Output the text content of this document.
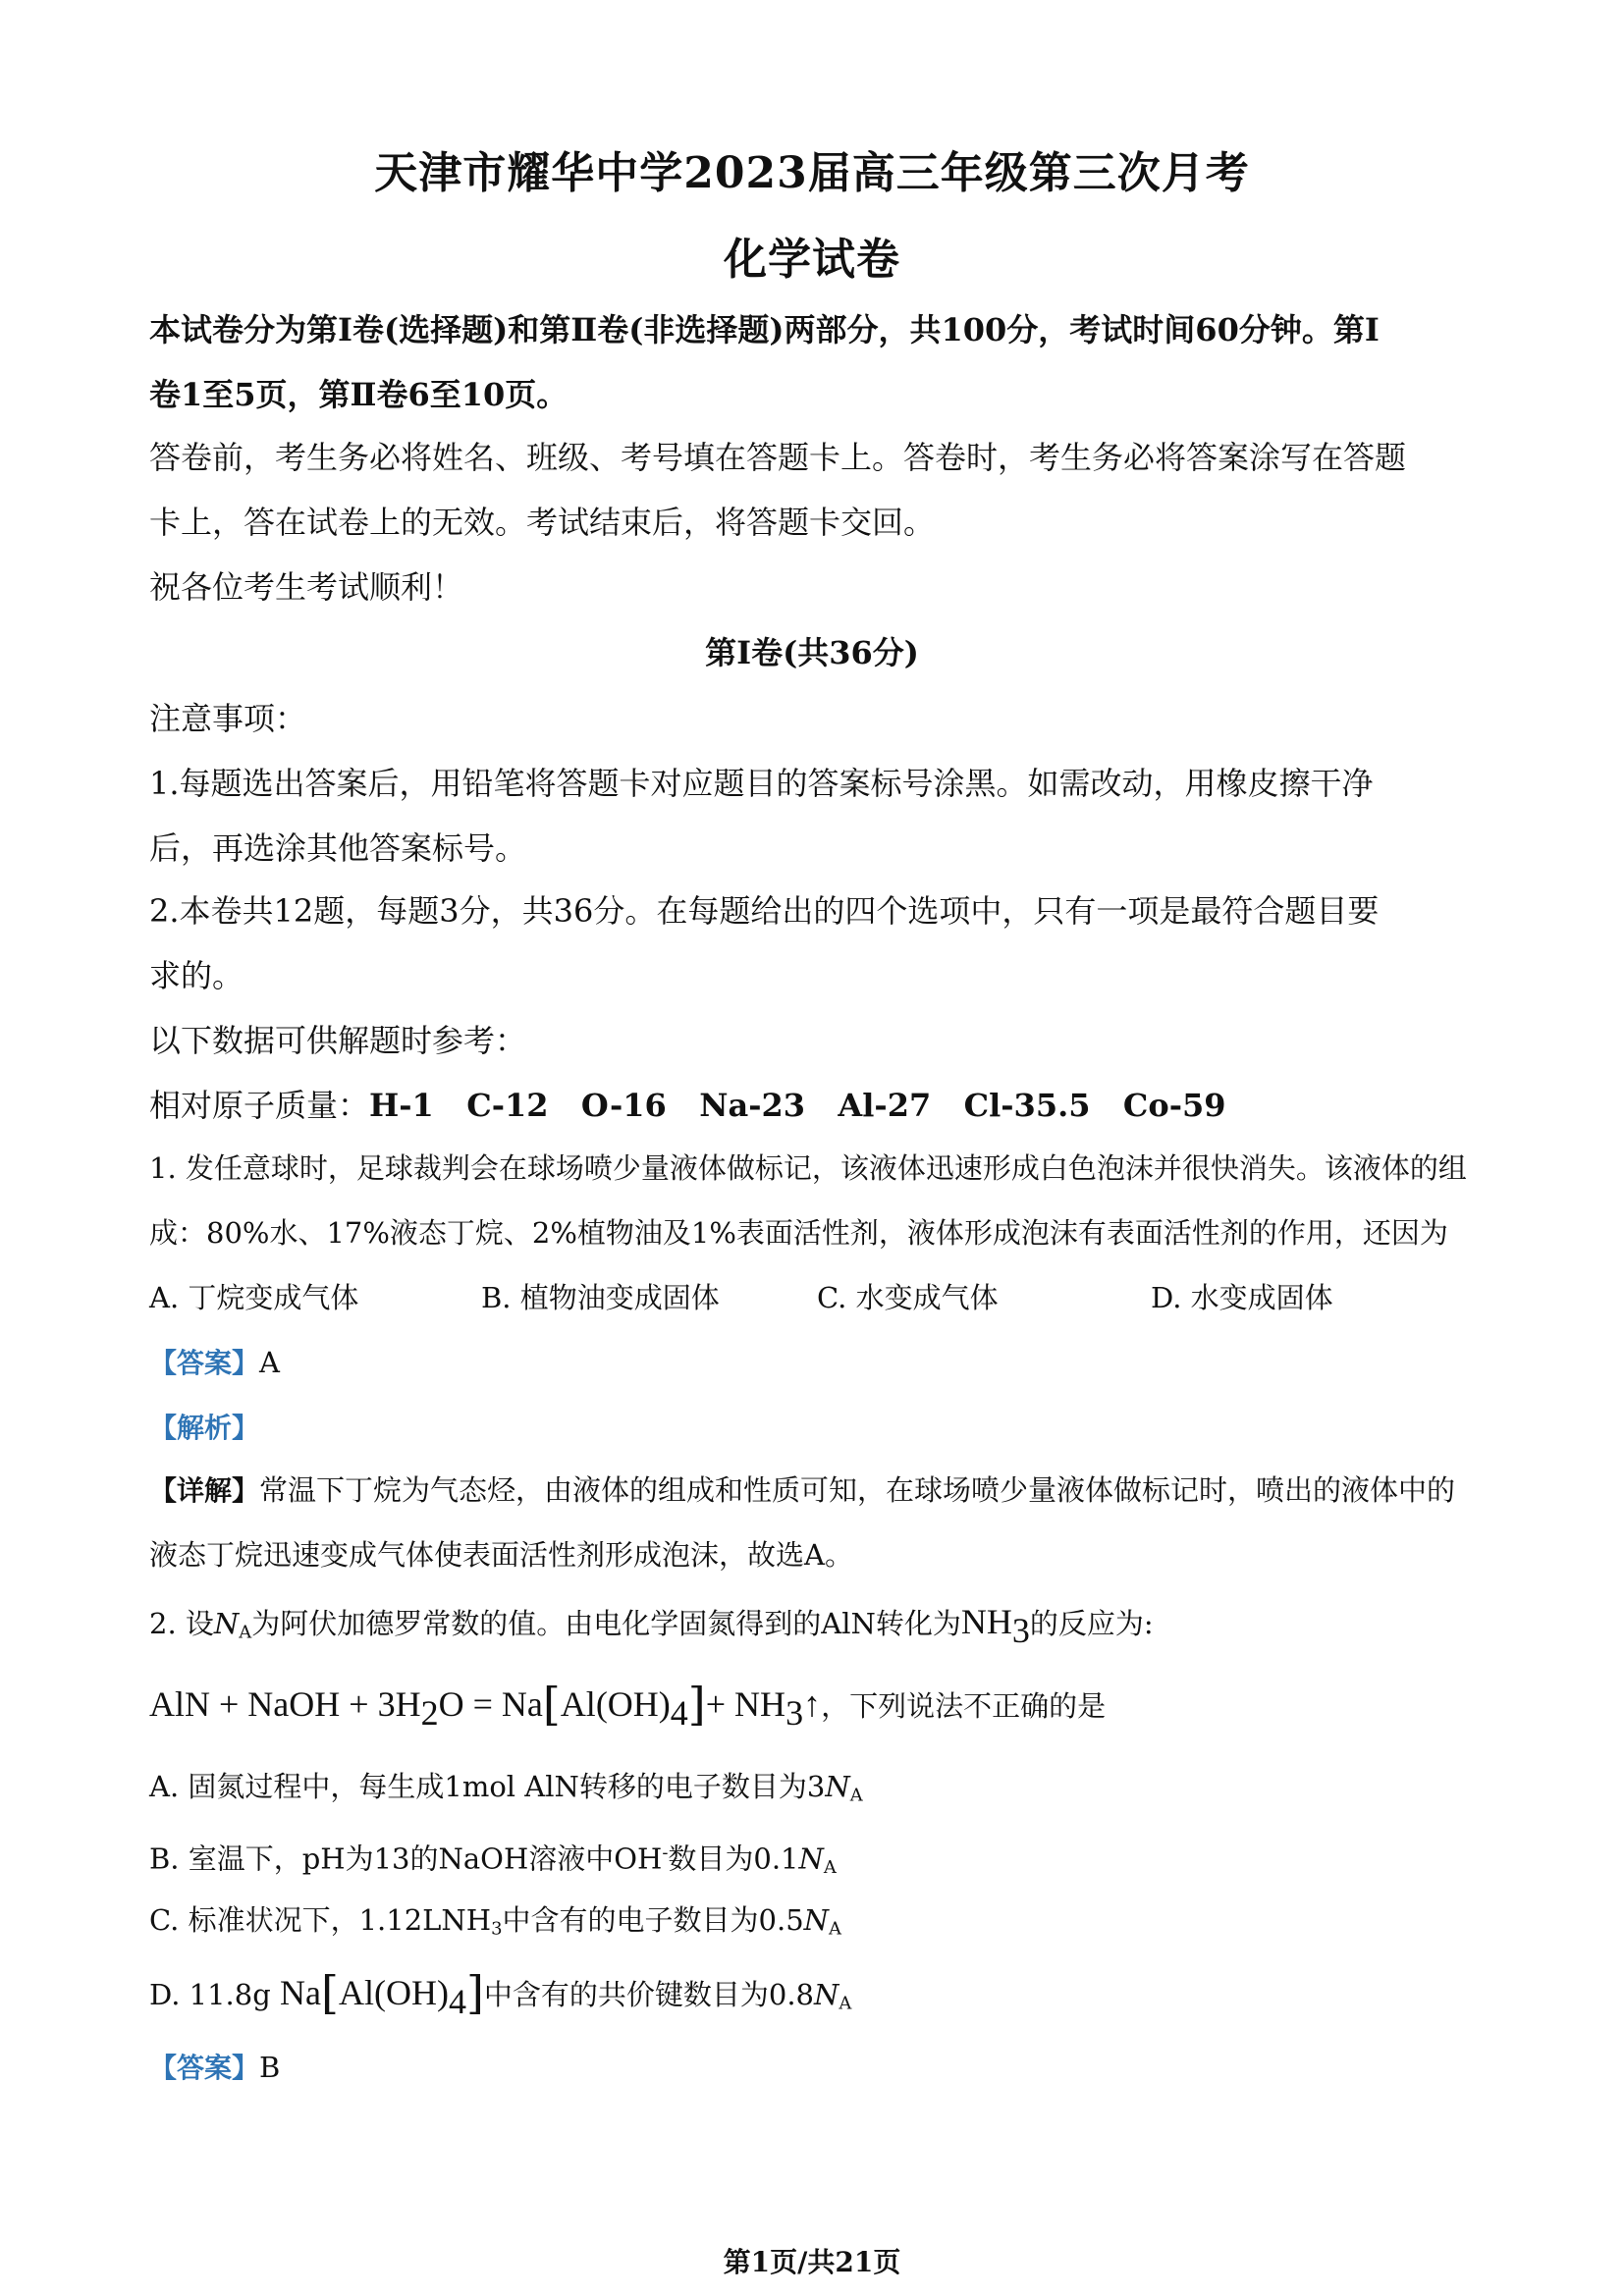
天津市耀华中学2023届高三年级第三次月考
化学试卷
本试卷分为第Ⅰ卷(选择题)和第Ⅱ卷(非选择题)两部分，共100分，考试时间60分钟。第Ⅰ
卷1至5页，第Ⅱ卷6至10页。
答卷前，考生务必将姓名、班级、考号填在答题卡上。答卷时，考生务必将答案涂写在答题
卡上，答在试卷上的无效。考试结束后，将答题卡交回。
祝各位考生考试顺利！
第Ⅰ卷(共36分)
注意事项：
1.每题选出答案后，用铅笔将答题卡对应题目的答案标号涂黑。如需改动，用橡皮擦干净
后，再选涂其他答案标号。
2.本卷共12题，每题3分，共36分。在每题给出的四个选项中，只有一项是最符合题目要
求的。
以下数据可供解题时参考：
相对原子质量：H-1   C-12   O-16   Na-23   Al-27   Cl-35.5   Co-59
1. 发任意球时，足球裁判会在球场喷少量液体做标记，该液体迅速形成白色泡沫并很快消失。该液体的组
成：80%水、17%液态丁烷、2%植物油及1%表面活性剂，液体形成泡沫有表面活性剂的作用，还因为
A. 丁烷变成气体	B. 植物油变成固体	C. 水变成气体	D. 水变成固体
【答案】A
【解析】
【详解】常温下丁烷为气态烃，由液体的组成和性质可知，在球场喷少量液体做标记时，喷出的液体中的
液态丁烷迅速变成气体使表面活性剂形成泡沫，故选A。
2. 设$N_A$为阿伏加德罗常数的值。由电化学固氮得到的AlN转化为$NH_3$的反应为:
AlN + NaOH + $3H_2O = Na[Al(OH)_4]+$ $NH_3↑$，下列说法不正确的是
A. 固氮过程中，每生成1mol AlN转移的电子数目为$3N_A$
B. 室温下，pH为13的NaOH溶液中OH-数目为$0.1N_A$
C. 标准状况下，$1.12LNH_3$中含有的电子数目为$0.5N_A$
D. 11.8g $Na[Al(OH)_4]$中含有的共价键数目为$0.8N_A$
【答案】B
第1页/共21页
